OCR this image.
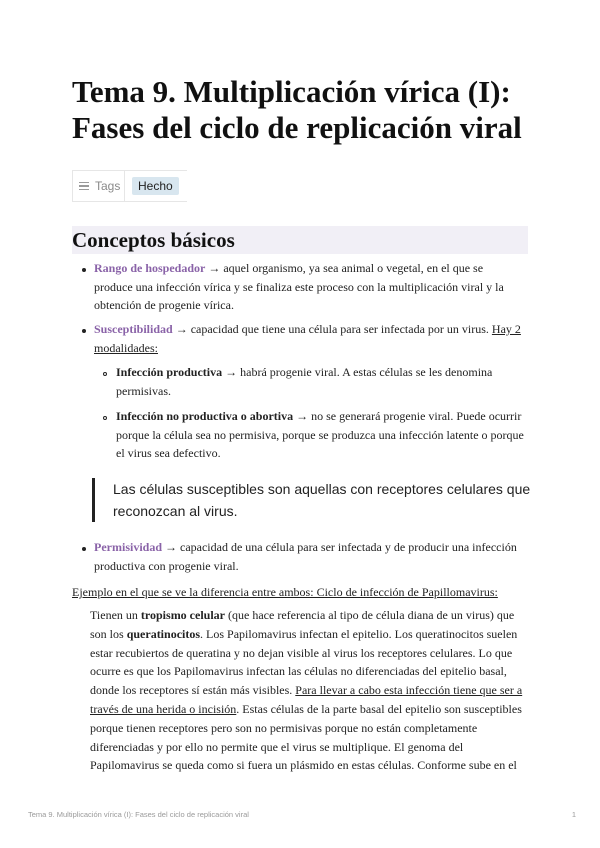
Tema 9. Multiplicación vírica (I):
Fases del ciclo de replicación viral
Tags	Hecho
Conceptos básicos
Rango de hospedador → aquel organismo, ya sea animal o vegetal, en el que se
produce una infección vírica y se finaliza este proceso con la multiplicación viral y la
obtención de progenie vírica.
Susceptibilidad → capacidad que tiene una célula para ser infectada por un virus. Hay 2
modalidades:
Infección productiva → habrá progenie viral. A estas células se les denomina
permisivas.
Infección no productiva o abortiva → no se generará progenie viral. Puede ocurrir
porque la célula sea no permisiva, porque se produzca una infección latente o porque
el virus sea defectivo.
Las células susceptibles son aquellas con receptores celulares que
reconozcan al virus.
Permisividad → capacidad de una célula para ser infectada y de producir una infección
productiva con progenie viral.
Ejemplo en el que se ve la diferencia entre ambos: Ciclo de infección de Papillomavirus:
Tienen un tropismo celular (que hace referencia al tipo de célula diana de un virus) que
son los queratinocitos. Los Papilomavirus infectan el epitelio. Los queratinocitos suelen
estar recubiertos de queratina y no dejan visible al virus los receptores celulares. Lo que
ocurre es que los Papilomavirus infectan las células no diferenciadas del epitelio basal,
donde los receptores sí están más visibles. Para llevar a cabo esta infección tiene que ser a
través de una herida o incisión. Estas células de la parte basal del epitelio son susceptibles
porque tienen receptores pero son no permisivas porque no están completamente
diferenciadas y por ello no permite que el virus se multiplique. El genoma del
Papilomavirus se queda como si fuera un plásmido en estas células. Conforme sube en el
Tema 9. Multiplicación vírica (I): Fases del ciclo de replicación viral	1
